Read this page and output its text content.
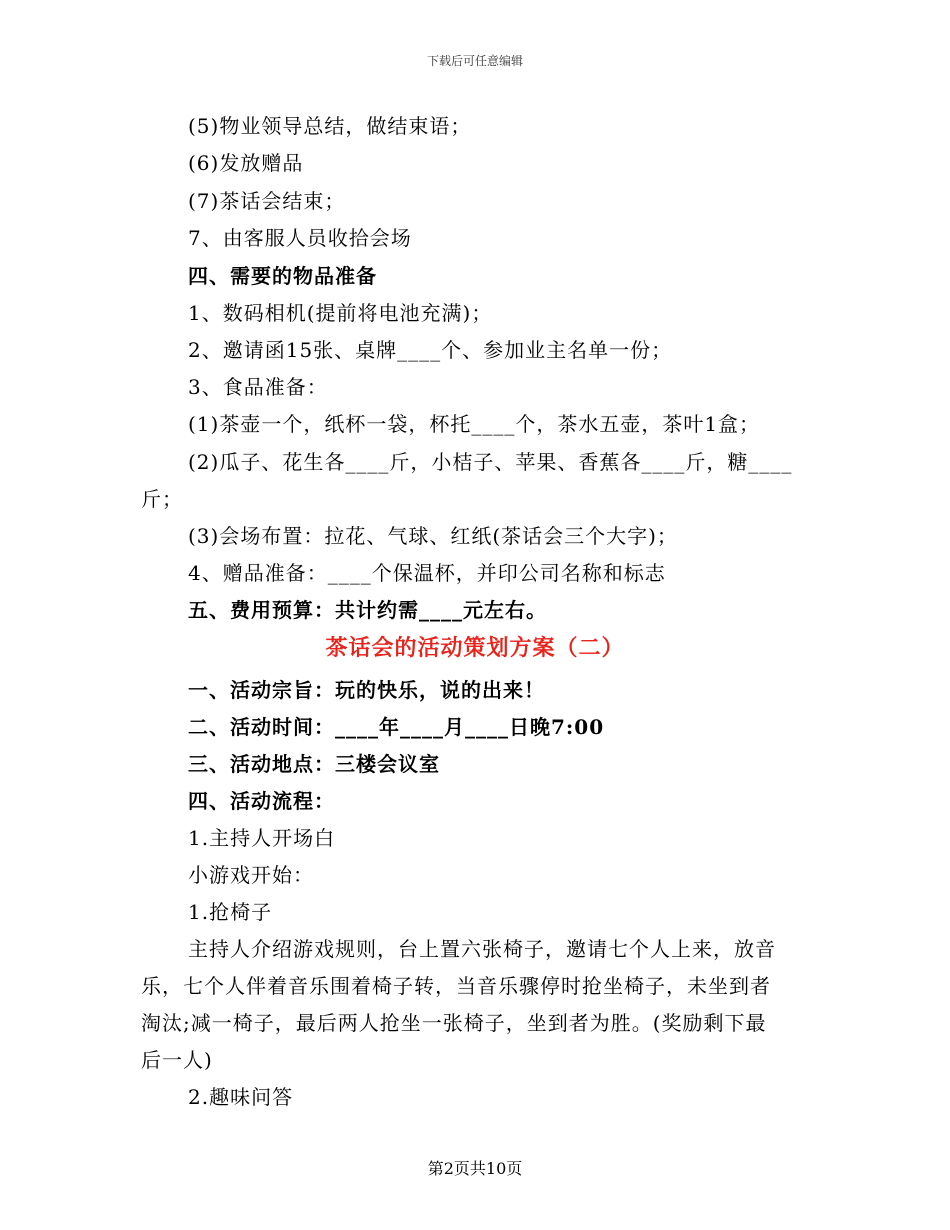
下载后可任意编辑
(5)物业领导总结，做结束语；
(6)发放赠品
(7)茶话会结束；
7、由客服人员收拾会场
四、需要的物品准备
1、数码相机(提前将电池充满)；
2、邀请函15张、桌牌____个、参加业主名单一份；
3、食品准备：
(1)茶壶一个，纸杯一袋，杯托____个，茶水五壶，茶叶1盒；
(2)瓜子、花生各____斤，小桔子、苹果、香蕉各____斤，糖____
斤；
(3)会场布置：拉花、气球、红纸(茶话会三个大字)；
4、赠品准备：____个保温杯，并印公司名称和标志
五、费用预算：共计约需____元左右。
茶话会的活动策划方案（二）
一、活动宗旨：玩的快乐，说的出来！
二、活动时间：____年____月____日晚7:00
三、活动地点：三楼会议室
四、活动流程：
1.主持人开场白
小游戏开始：
1.抢椅子
主持人介绍游戏规则，台上置六张椅子，邀请七个人上来，放音
乐，七个人伴着音乐围着椅子转，当音乐骤停时抢坐椅子，未坐到者
淘汰;减一椅子，最后两人抢坐一张椅子，坐到者为胜。(奖励剩下最
后一人)
2.趣味问答
第2页共10页
